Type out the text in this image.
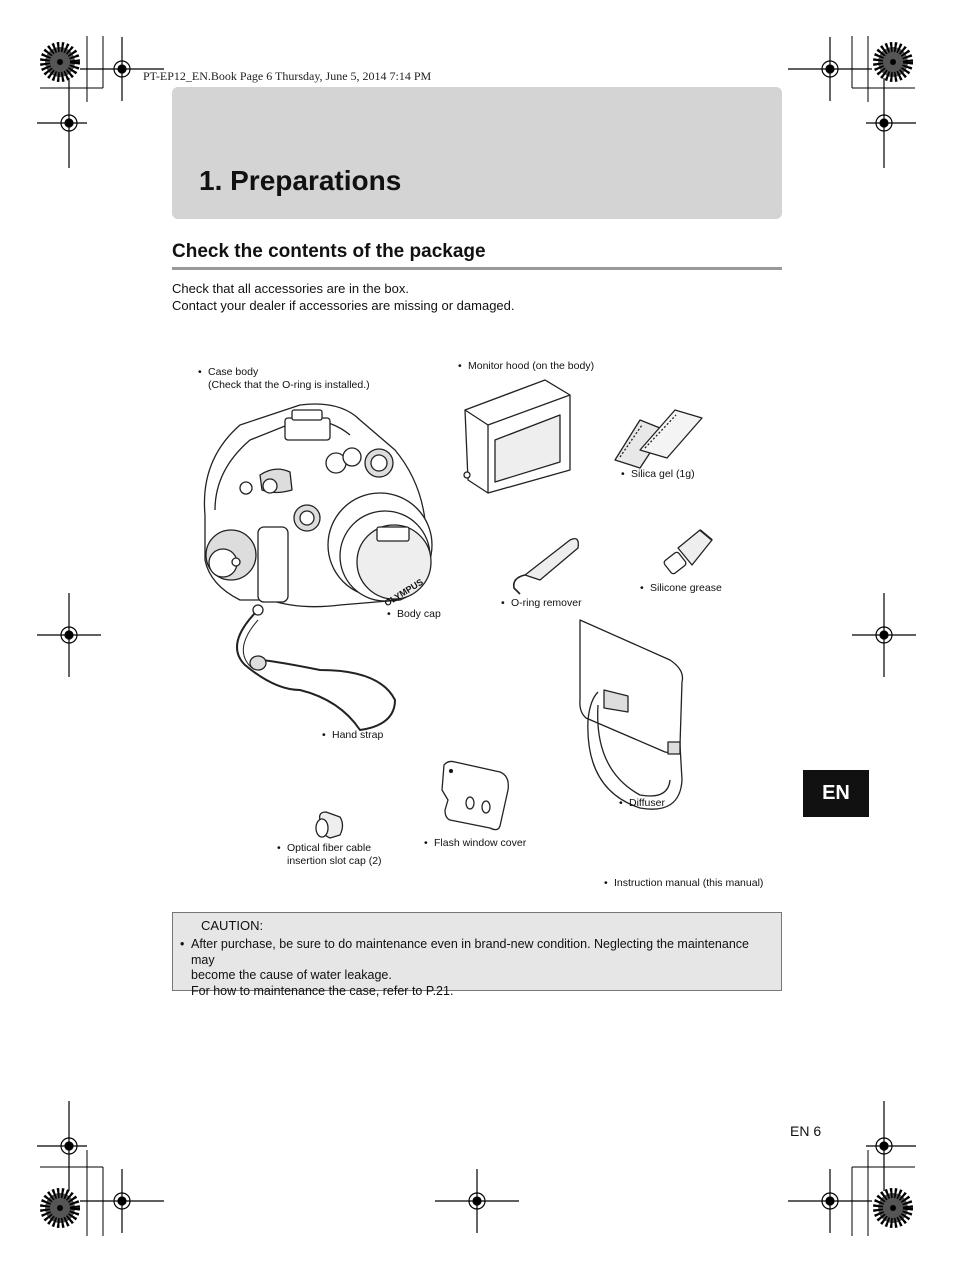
PT-EP12_EN.Book Page 6 Thursday, June 5, 2014 7:14 PM
1. Preparations
Check the contents of the package
Check that all accessories are in the box.
Contact your dealer if accessories are missing or damaged.
OLYMPUS
• Case body
(Check that the O-ring is installed.)
• Monitor hood (on the body)
• Silica gel (1g)
• Silicone grease
• O-ring remover
• Body cap
• Hand strap
• Diffuser
• Flash window cover
• Optical fiber cable
insertion slot cap (2)
• Instruction manual (this manual)
EN
CAUTION:
• After purchase, be sure to do maintenance even in brand-new condition. Neglecting the maintenance may
become the cause of water leakage.
For how to maintenance the case, refer to P.21.
EN 6
